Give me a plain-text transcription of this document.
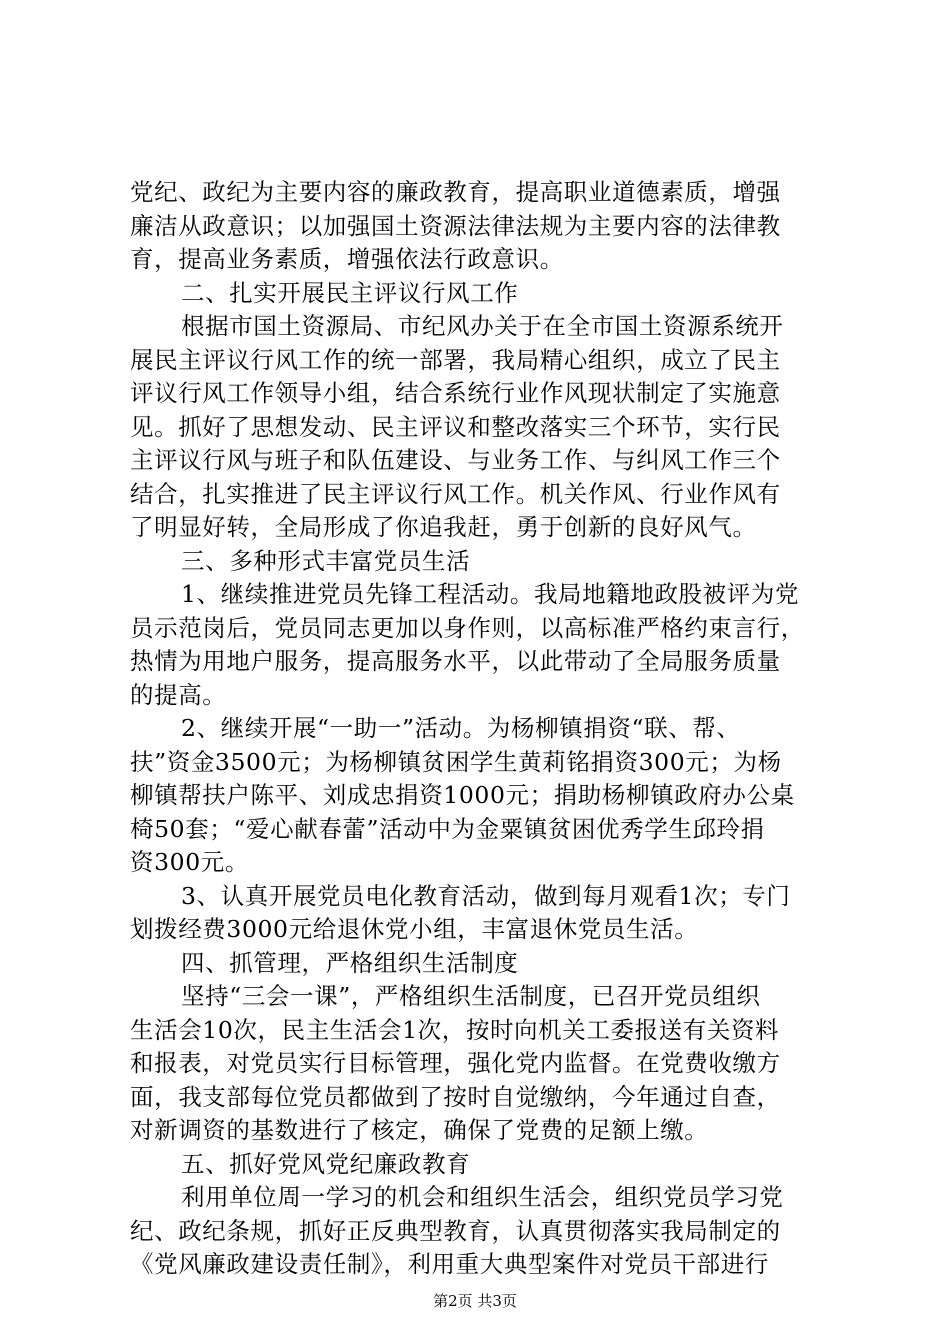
党纪、政纪为主要内容的廉政教育，提高职业道德素质，增强
廉洁从政意识；以加强国土资源法律法规为主要内容的法律教
育，提高业务素质，增强依法行政意识。
二、扎实开展民主评议行风工作
根据市国土资源局、市纪风办关于在全市国土资源系统开
展民主评议行风工作的统一部署，我局精心组织，成立了民主
评议行风工作领导小组，结合系统行业作风现状制定了实施意
见。抓好了思想发动、民主评议和整改落实三个环节，实行民
主评议行风与班子和队伍建设、与业务工作、与纠风工作三个
结合，扎实推进了民主评议行风工作。机关作风、行业作风有
了明显好转，全局形成了你追我赶，勇于创新的良好风气。
三、多种形式丰富党员生活
1、继续推进党员先锋工程活动。我局地籍地政股被评为党
员示范岗后，党员同志更加以身作则，以高标准严格约束言行，
热情为用地户服务，提高服务水平，以此带动了全局服务质量
的提高。
2、继续开展“一助一”活动。为杨柳镇捐资“联、帮、
扶”资金3500元；为杨柳镇贫困学生黄莉铭捐资300元；为杨
柳镇帮扶户陈平、刘成忠捐资1000元；捐助杨柳镇政府办公桌
椅50套；“爱心献春蕾”活动中为金粟镇贫困优秀学生邱玲捐
资300元。
3、认真开展党员电化教育活动，做到每月观看1次；专门
划拨经费3000元给退休党小组，丰富退休党员生活。
四、抓管理，严格组织生活制度
坚持“三会一课”，严格组织生活制度，已召开党员组织
生活会10次，民主生活会1次，按时向机关工委报送有关资料
和报表，对党员实行目标管理，强化党内监督。在党费收缴方
面，我支部每位党员都做到了按时自觉缴纳，今年通过自查，
对新调资的基数进行了核定，确保了党费的足额上缴。
五、抓好党风党纪廉政教育
利用单位周一学习的机会和组织生活会，组织党员学习党
纪、政纪条规，抓好正反典型教育，认真贯彻落实我局制定的
《党风廉政建设责任制》，利用重大典型案件对党员干部进行
第2页 共3页
